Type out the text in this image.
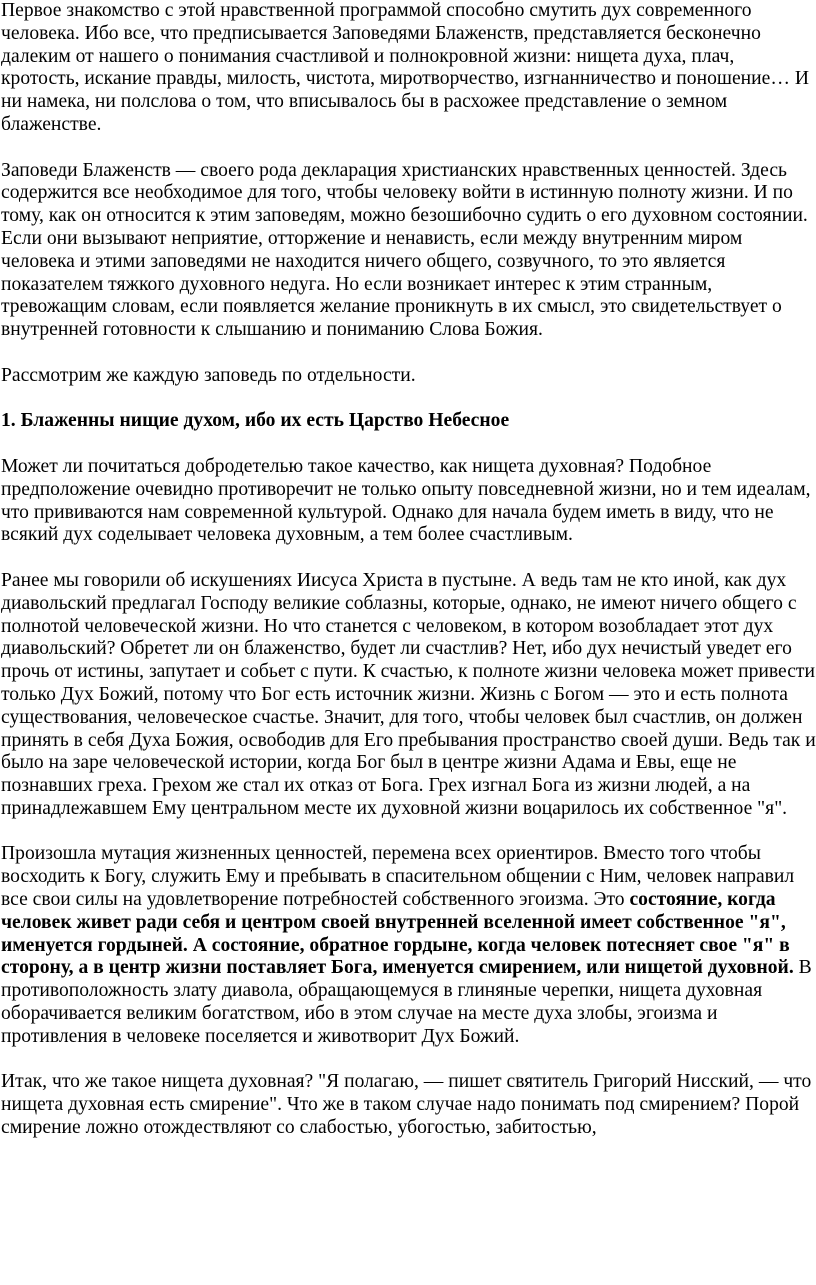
Первое знакомство с этой нравственной программой способно смутить дух современного человека. Ибо все, что предписывается Заповедями Блаженств, представляется бесконечно далеким от нашего о понимания счастливой и полнокровной жизни: нищета духа, плач, кротость, искание правды, милость, чистота, миротворчество, изгнанничество и поношение… И ни намека, ни полслова о том, что вписывалось бы в расхожее представление о земном блаженстве.

Заповеди Блаженств — своего рода декларация христианских нравственных ценностей. Здесь содержится все необходимое для того, чтобы человеку войти в истинную полноту жизни. И по тому, как он относится к этим заповедям, можно безошибочно судить о его духовном состоянии. Если они вызывают неприятие, отторжение и ненависть, если между внутренним миром человека и этими заповедями не находится ничего общего, созвучного, то это является показателем тяжкого духовного недуга. Но если возникает интерес к этим странным, тревожащим словам, если появляется желание проникнуть в их смысл, это свидетельствует о внутренней готовности к слышанию и пониманию Слова Божия.

Рассмотрим же каждую заповедь по отдельности.

1. Блаженны нищие духом, ибо их есть Царство Небесное

Может ли почитаться добродетелью такое качество, как нищета духовная? Подобное предположение очевидно противоречит не только опыту повседневной жизни, но и тем идеалам, что прививаются нам современной культурой. Однако для начала будем иметь в виду, что не всякий дух соделывает человека духовным, а тем более счастливым.

Ранее мы говорили об искушениях Иисуса Христа в пустыне. А ведь там не кто иной, как дух диавольский предлагал Господу великие соблазны, которые, однако, не имеют ничего общего с полнотой человеческой жизни. Но что станется с человеком, в котором возобладает этот дух диавольский? Обретет ли он блаженство, будет ли счастлив? Нет, ибо дух нечистый уведет его прочь от истины, запутает и собьет с пути. К счастью, к полноте жизни человека может привести только Дух Божий, потому что Бог есть источник жизни. Жизнь с Богом — это и есть полнота существования, человеческое счастье. Значит, для того, чтобы человек был счастлив, он должен принять в себя Духа Божия, освободив для Его пребывания пространство своей души. Ведь так и было на заре человеческой истории, когда Бог был в центре жизни Адама и Евы, еще не познавших греха. Грехом же стал их отказ от Бога. Грех изгнал Бога из жизни людей, а на принадлежавшем Ему центральном месте их духовной жизни воцарилось их собственное "я".

Произошла мутация жизненных ценностей, перемена всех ориентиров. Вместо того чтобы восходить к Богу, служить Ему и пребывать в спасительном общении с Ним, человек направил все свои силы на удовлетворение потребностей собственного эгоизма. Это состояние, когда человек живет ради себя и центром своей внутренней вселенной имеет собственное "я", именуется гордыней. А состояние, обратное гордыне, когда человек потесняет свое "я" в сторону, а в центр жизни поставляет Бога, именуется смирением, или нищетой духовной. В противоположность злату диавола, обращающемуся в глиняные черепки, нищета духовная оборачивается великим богатством, ибо в этом случае на месте духа злобы, эгоизма и противления в человеке поселяется и животворит Дух Божий.

Итак, что же такое нищета духовная? "Я полагаю, — пишет святитель Григорий Нисский, — что нищета духовная есть смирение". Что же в таком случае надо понимать под смирением? Порой смирение ложно отождествляют со слабостью, убогостью, забитостью,
